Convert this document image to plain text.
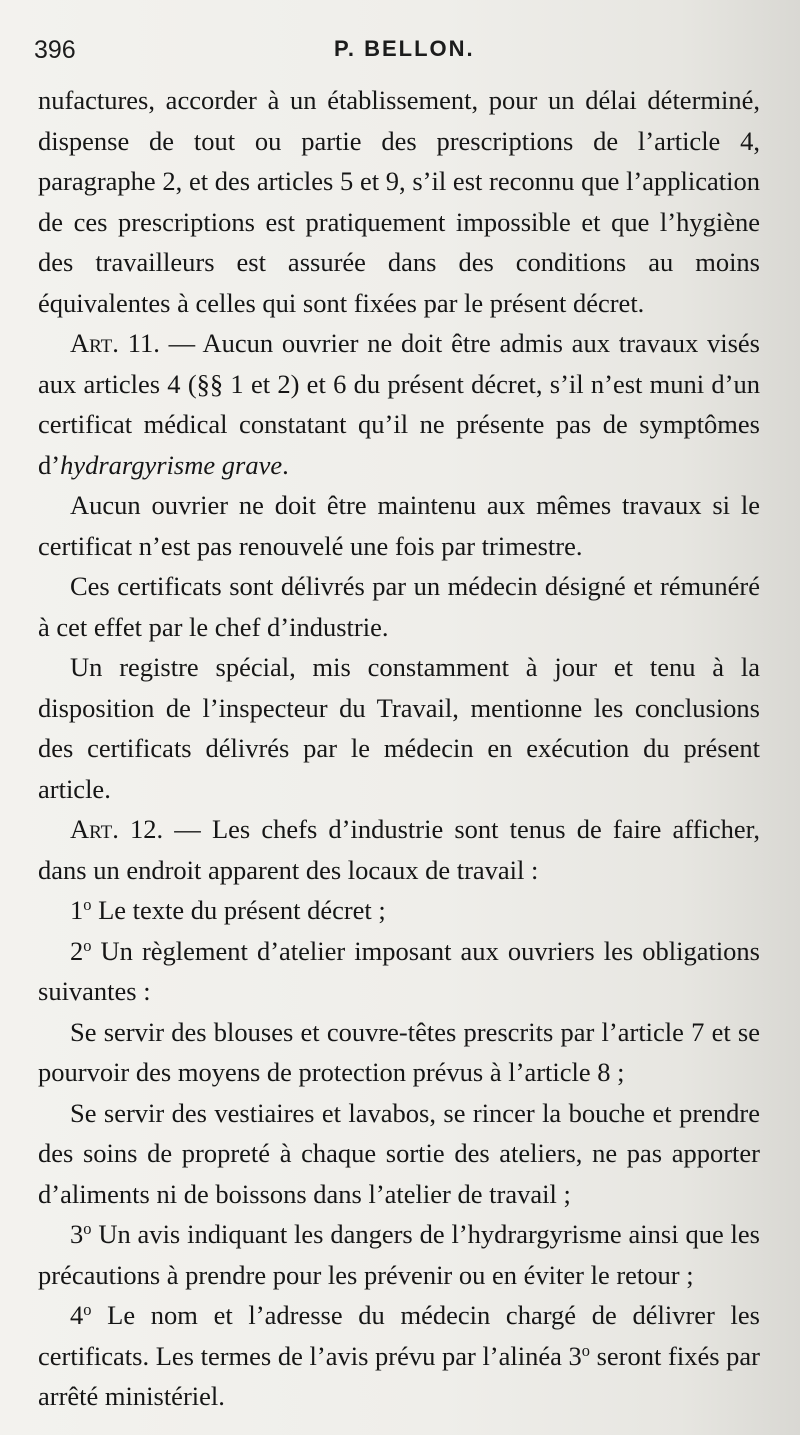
396	P. BELLON.

nufactures, accorder à un établissement, pour un délai déterminé, dispense de tout ou partie des prescriptions de l’article 4, paragraphe 2, et des articles 5 et 9, s’il est reconnu que l’application de ces prescriptions est pratiquement impossible et que l’hygiène des travailleurs est assurée dans des conditions au moins équivalentes à celles qui sont fixées par le présent décret.

Art. 11. — Aucun ouvrier ne doit être admis aux travaux visés aux articles 4 (§§ 1 et 2) et 6 du présent décret, s’il n’est muni d’un certificat médical constatant qu’il ne présente pas de symptômes d’hydrargyrisme grave.

Aucun ouvrier ne doit être maintenu aux mêmes travaux si le certificat n’est pas renouvelé une fois par trimestre.

Ces certificats sont délivrés par un médecin désigné et rémunéré à cet effet par le chef d’industrie.

Un registre spécial, mis constamment à jour et tenu à la disposition de l’inspecteur du Travail, mentionne les conclusions des certificats délivrés par le médecin en exécution du présent article.

Art. 12. — Les chefs d’industrie sont tenus de faire afficher, dans un endroit apparent des locaux de travail :

1$^o$ Le texte du présent décret ;

2$^o$ Un règlement d’atelier imposant aux ouvriers les obligations suivantes :

Se servir des blouses et couvre-têtes prescrits par l’article 7 et se pourvoir des moyens de protection prévus à l’article 8 ;

Se servir des vestiaires et lavabos, se rincer la bouche et prendre des soins de propreté à chaque sortie des ateliers, ne pas apporter d’aliments ni de boissons dans l’atelier de travail ;

3$^o$ Un avis indiquant les dangers de l’hydrargyrisme ainsi que les précautions à prendre pour les prévenir ou en éviter le retour ;

4$^o$ Le nom et l’adresse du médecin chargé de délivrer les certificats. Les termes de l’avis prévu par l’alinéa 3$^o$ seront fixés par arrêté ministériel.
